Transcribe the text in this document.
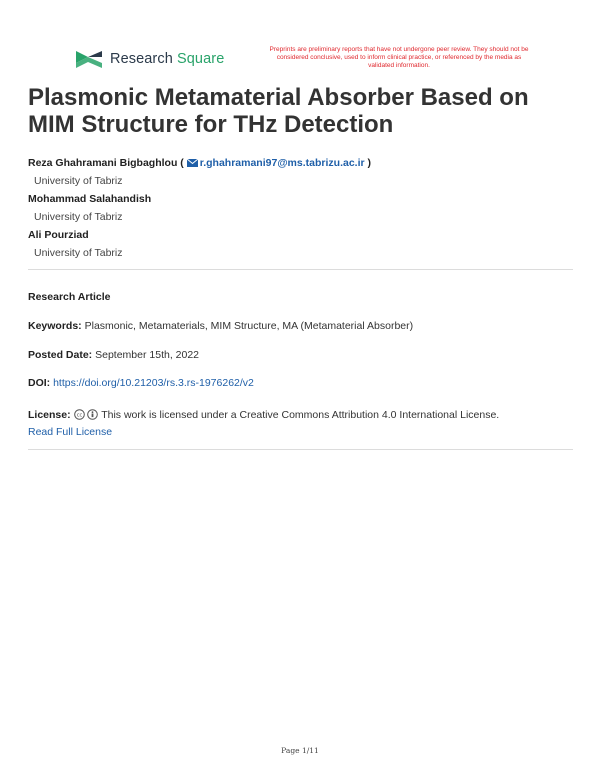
Research Square
Preprints are preliminary reports that have not undergone peer review. They should not be considered conclusive, used to inform clinical practice, or referenced by the media as validated information.
Plasmonic Metamaterial Absorber Based on MIM Structure for THz Detection
Reza Ghahramani Bigbaghlou ( r.ghahramani97@ms.tabrizu.ac.ir )
University of Tabriz
Mohammad Salahandish
University of Tabriz
Ali Pourziad
University of Tabriz
Research Article
Keywords: Plasmonic, Metamaterials, MIM Structure, MA (Metamaterial Absorber)
Posted Date: September 15th, 2022
DOI: https://doi.org/10.21203/rs.3.rs-1976262/v2
License: cc This work is licensed under a Creative Commons Attribution 4.0 International License.
Read Full License
Page 1/11
